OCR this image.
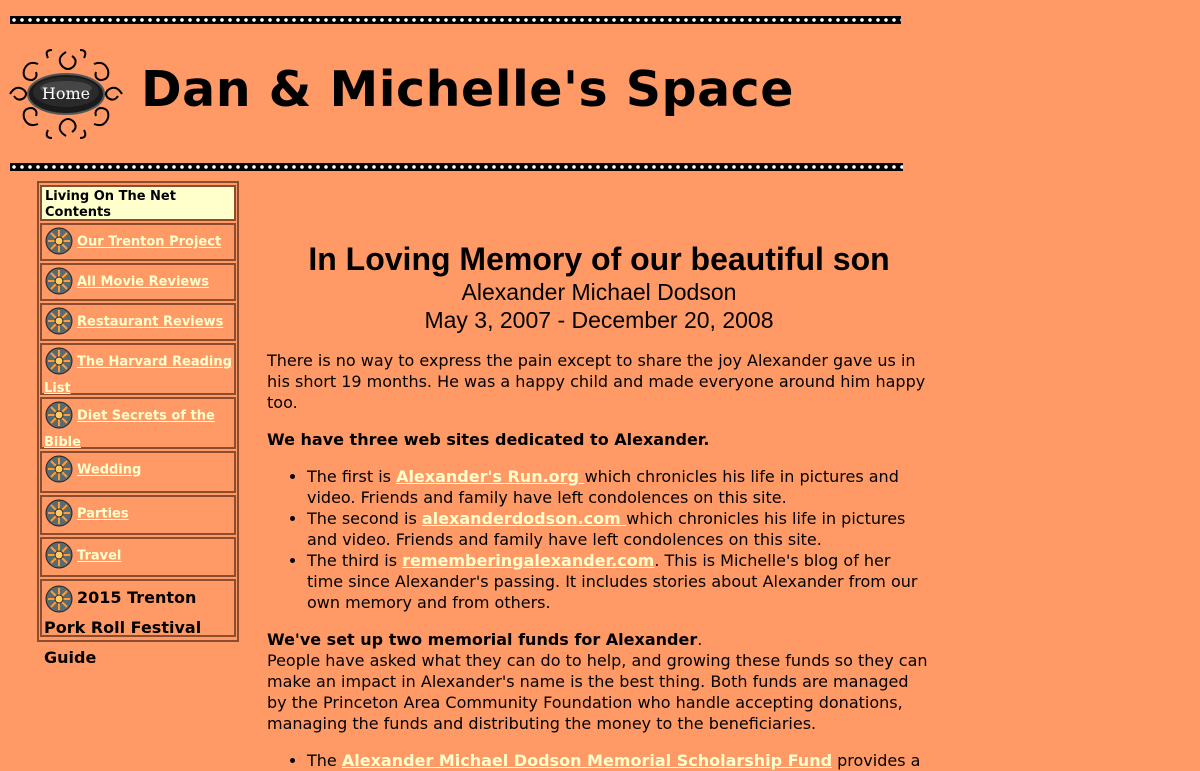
Home	Dan & Michelle's Space
Living On The Net Contents
Our Trenton Project
All Movie Reviews
Restaurant Reviews
The Harvard Reading List
Diet Secrets of the Bible
Wedding
Parties
Travel
2015 Trenton Pork Roll Festival Guide
In Loving Memory of our beautiful son
Alexander Michael Dodson
May 3, 2007 - December 20, 2008

There is no way to express the pain except to share the joy Alexander gave us in his short 19 months. He was a happy child and made everyone around him happy too.

We have three web sites dedicated to Alexander.

• The first is Alexander's Run.org which chronicles his life in pictures and video. Friends and family have left condolences on this site.
• The second is alexanderdodson.com which chronicles his life in pictures and video. Friends and family have left condolences on this site.
• The third is rememberingalexander.com. This is Michelle's blog of her time since Alexander's passing. It includes stories about Alexander from our own memory and from others.

We've set up two memorial funds for Alexander.
People have asked what they can do to help, and growing these funds so they can make an impact in Alexander's name is the best thing. Both funds are managed by the Princeton Area Community Foundation who handle accepting donations, managing the funds and distributing the money to the beneficiaries.

• The Alexander Michael Dodson Memorial Scholarship Fund provides a
